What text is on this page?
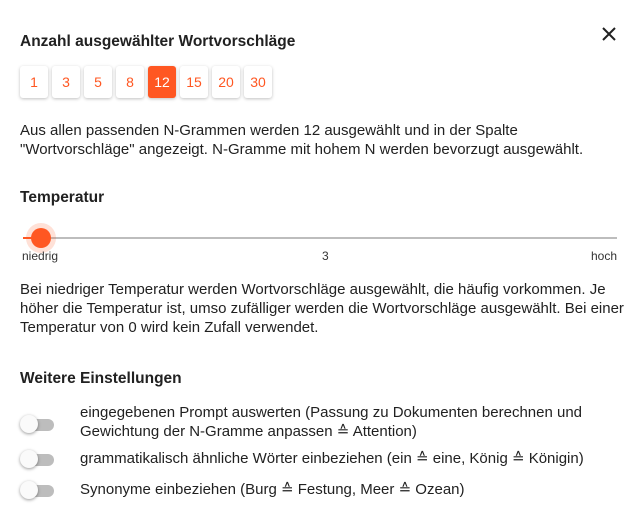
Anzahl ausgewählter Wortvorschläge
1	3	5	8	12	15	20	30

Aus allen passenden N-Grammen werden 12 ausgewählt und in der Spalte "Wortvorschläge" angezeigt. N-Gramme mit hohem N werden bevorzugt ausgewählt.

Temperatur
niedrig	3	hoch

Bei niedriger Temperatur werden Wortvorschläge ausgewählt, die häufig vorkommen. Je höher die Temperatur ist, umso zufälliger werden die Wortvorschläge ausgewählt. Bei einer Temperatur von 0 wird kein Zufall verwendet.

Weitere Einstellungen
eingegebenen Prompt auswerten (Passung zu Dokumenten berechnen und Gewichtung der N-Gramme anpassen ≙ Attention)
grammatikalisch ähnliche Wörter einbeziehen (ein ≙ eine, König ≙ Königin)
Synonyme einbeziehen (Burg ≙ Festung, Meer ≙ Ozean)
